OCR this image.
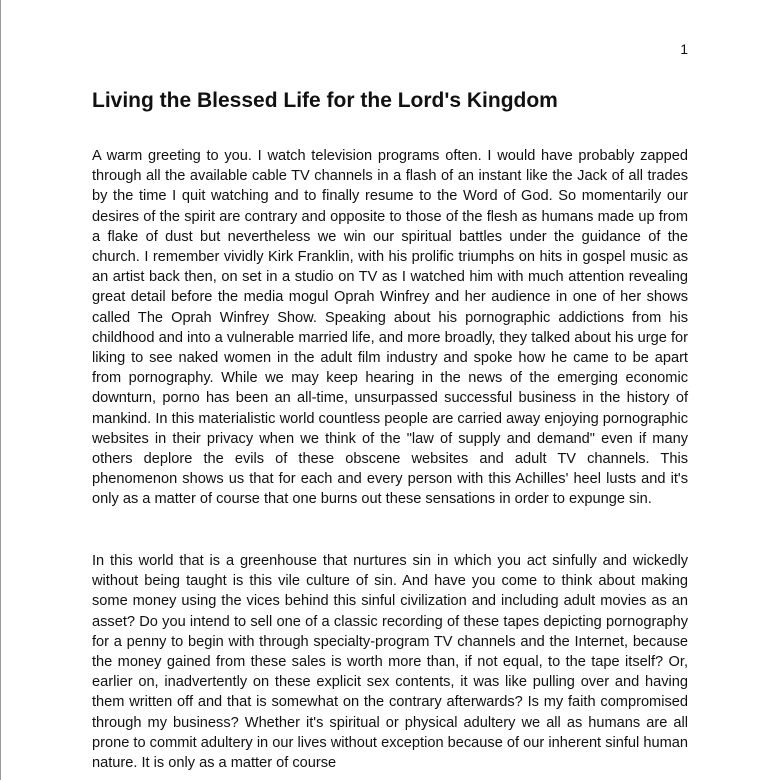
1
Living the Blessed Life for the Lord's Kingdom

A warm greeting to you. I watch television programs often. I would have probably zapped through all the available cable TV channels in a flash of an instant like the Jack of all trades by the time I quit watching and to finally resume to the Word of God. So momentarily our desires of the spirit are contrary and opposite to those of the flesh as humans made up from a flake of dust but nevertheless we win our spiritual battles under the guidance of the church. I remember vividly Kirk Franklin, with his prolific triumphs on hits in gospel music as an artist back then, on set in a studio on TV as I watched him with much attention revealing great detail before the media mogul Oprah Winfrey and her audience in one of her shows called The Oprah Winfrey Show. Speaking about his pornographic addictions from his childhood and into a vulnerable married life, and more broadly, they talked about his urge for liking to see naked women in the adult film industry and spoke how he came to be apart from pornography. While we may keep hearing in the news of the emerging economic downturn, porno has been an all-time, unsurpassed successful business in the history of mankind. In this materialistic world countless people are carried away enjoying pornographic websites in their privacy when we think of the "law of supply and demand" even if many others deplore the evils of these obscene websites and adult TV channels. This phenomenon shows us that for each and every person with this Achilles' heel lusts and it's only as a matter of course that one burns out these sensations in order to expunge sin.

In this world that is a greenhouse that nurtures sin in which you act sinfully and wickedly without being taught is this vile culture of sin. And have you come to think about making some money using the vices behind this sinful civilization and including adult movies as an asset? Do you intend to sell one of a classic recording of these tapes depicting pornography for a penny to begin with through specialty-program TV channels and the Internet, because the money gained from these sales is worth more than, if not equal, to the tape itself? Or, earlier on, inadvertently on these explicit sex contents, it was like pulling over and having them written off and that is somewhat on the contrary afterwards? Is my faith compromised through my business? Whether it's spiritual or physical adultery we all as humans are all prone to commit adultery in our lives without exception because of our inherent sinful human nature. It is only as a matter of course
